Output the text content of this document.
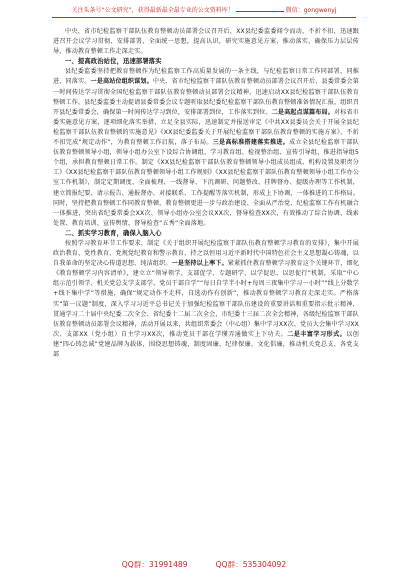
关注头条号“公文研究”，获得最新最全最专业的公文资料库！	微信：gongwenyj

中央、省市纪检监察干部队伍教育整顿动员部署会议召开后，XX县纪委监委闻令而动、不折不扣，迅速跟进召开会议学习贯彻、安排部署，全面统一思想，提高认识，研究实施意见方案，推动落实，确保压力层层传导，推动教育整顿工作走深走实。

一、提高政治站位，迅速部署落实

县纪委监委坚持把教育整顿作为纪检监察工作高质量发展的一条主线，与纪检监察日常工作同部署、同推进、同落实。一是高站位组织谋划。中央、省市纪检监察干部队伍教育整顿动员部署会议召开后，县委常委会第一时间传达学习贯彻全国纪检监察干部队伍教育整顿动员部署会议精神，迅速启动XX县纪检监察干部队伍教育整顿工作。县纪委监委主动提请县委常委会议专题听取县纪委纪检监察干部队伍教育整顿准备情况汇报，组织召开县纪委常委会，确保第一时间传达学习到位，安排部署到位，工作落实到位。二是高起点谋篇布局。对标省市委实施意见方案，逐项细化落实举措，立足全县实际，迅速制定并报送审定《中共XX县委员会关于开展全县纪检监察干部队伍教育整顿的实施意见》《XX县纪委监委关于开展纪检监察干部队伍教育整顿的实施方案》，不折不扣完成“规定动作”，为教育整顿工作启航，落子布局。三是高标准搭建落实推进。成立全县纪检监察干部队伍教育整顿领导小组，领导小组办公室下设综合协调组、学习教育组、检视整治组、宣传引导组、推进指导组5个组，承担教育整顿日常工作。制定《XX县纪检监察干部队伍教育整顿领导小组成员组成、机构设置及职责分工》《XX县纪检监察干部队伍教育整顿领导小组工作规则》《XX县纪检监察干部队伍教育整顿领导小组工作办公室工作机制》，制定定期调度、全面梳理、一线督导、下沉调研、问题整改、挂牌督办、提级办理等工作机制，建立简报纪要、请示报告、通报督办、对接联系、工作提醒等落实机制，形成上下协调，一体推进的工作格局。同时，坚持把教育整顿工作同教育整顿，教育整顿更进一步与政治建设、全面从严治党、纪检监察工作有机融合一体推进，突出省纪委常委会XX次、领导小组办公室会议XX次，督导检查XX次，有效推动了综合协调、线索处置、教育培训、宣传舆情、督导检查“五秀”全面落地。

二、抓实学习教育，确保入脑入心

按照学习教育环节工作要求，制定《关于组织开展纪检监察干部队伍教育整顿学习教育的安排》，集中开展政治教育、党性教育、党规党纪教育和警示教育，持之以恒用习近平新时代中国特色社会主义思想凝心铸魂，以自我革命的坚定决心传道思想、纯洁组织。一是坚持以上率下。紧紧抓住教育整顿学习教育这个关键环节，细化《教育整顿学习内容清单》，建立立“领导领学、支部促学、专题研学、以学促思、以思促行”机制，采取“中心组示范引领学、机关党总支学支部学、党员干部自学”“每日自学半小时+每周三夜集中学习一小时”“线上分数学+线下集中学”等措施，确保“规定动作不走样，自选动作有创新”，推动教育整顿学习教育走深走实。严格落实“第一议题”制度，深入学习习近平总书记关于加强纪检监察干部队伍建设的重要讲话和重要指示批示精神，贯通学习二十届中央纪委二次全会、省纪委十二届二次全会、市纪委十三届二次全会精神，各级纪检监察干部队伍教育整顿动员部署会议精神，活动开展以来，共组织常委会（中心组）集中学习XX次、党员大会集中学习XX次、支部XX（党小组）自主学习XX次，推动党员干部在学懂弄通做实上下功夫。二是丰富学习形式。以创建“四心铸忠诚”党建品牌为载体，围绕思想铸魂、制度固廉、纪律保廉、文化倡廉，推动机关党总支、各党支部

QQ群：31991489	QQ群：535304092
